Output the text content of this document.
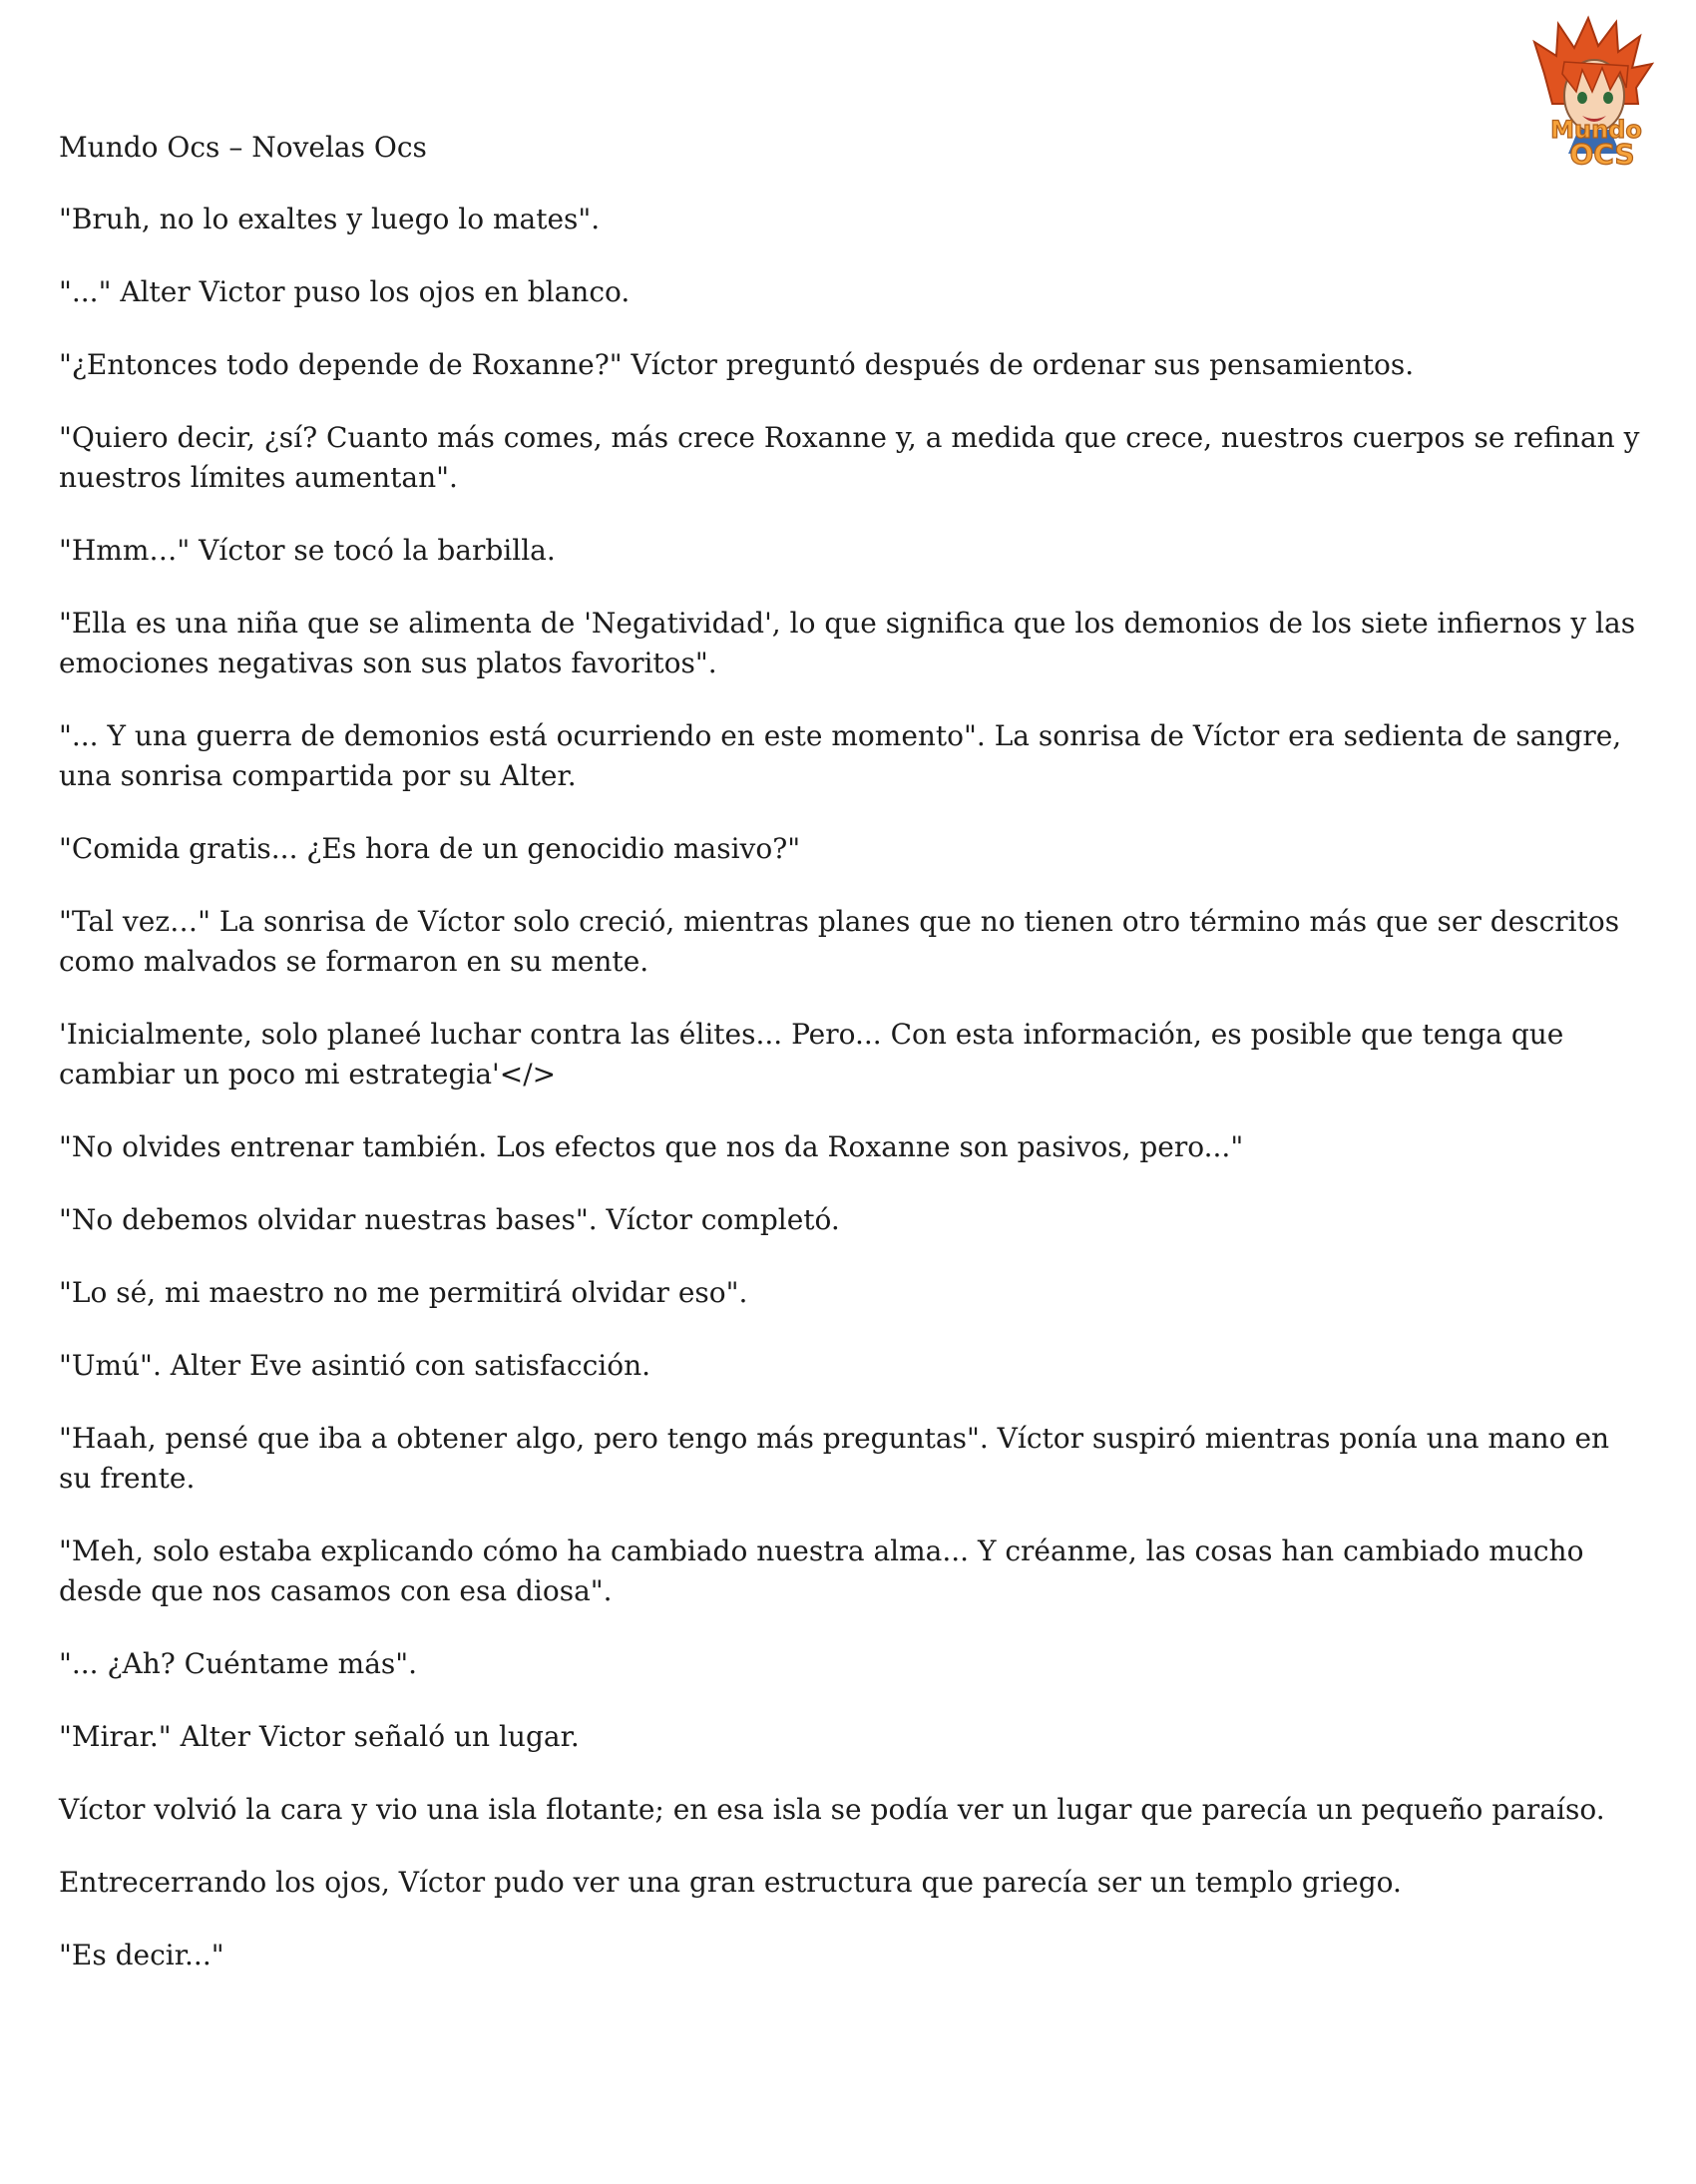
Mundo
OCS

Mundo Ocs – Novelas Ocs

"Bruh, no lo exaltes y luego lo mates".

"..." Alter Victor puso los ojos en blanco.

"¿Entonces todo depende de Roxanne?" Víctor preguntó después de ordenar sus pensamientos.

"Quiero decir, ¿sí? Cuanto más comes, más crece Roxanne y, a medida que crece, nuestros cuerpos se refinan y nuestros límites aumentan".

"Hmm…" Víctor se tocó la barbilla.

"Ella es una niña que se alimenta de 'Negatividad', lo que significa que los demonios de los siete infiernos y las emociones negativas son sus platos favoritos".

"... Y una guerra de demonios está ocurriendo en este momento". La sonrisa de Víctor era sedienta de sangre, una sonrisa compartida por su Alter.

"Comida gratis... ¿Es hora de un genocidio masivo?"

"Tal vez…" La sonrisa de Víctor solo creció, mientras planes que no tienen otro término más que ser descritos como malvados se formaron en su mente.

'Inicialmente, solo planeé luchar contra las élites... Pero... Con esta información, es posible que tenga que cambiar un poco mi estrategia'</>

"No olvides entrenar también. Los efectos que nos da Roxanne son pasivos, pero..."

"No debemos olvidar nuestras bases". Víctor completó.

"Lo sé, mi maestro no me permitirá olvidar eso".

"Umú". Alter Eve asintió con satisfacción.

"Haah, pensé que iba a obtener algo, pero tengo más preguntas". Víctor suspiró mientras ponía una mano en su frente.

"Meh, solo estaba explicando cómo ha cambiado nuestra alma... Y créanme, las cosas han cambiado mucho desde que nos casamos con esa diosa".

"... ¿Ah? Cuéntame más".

"Mirar." Alter Victor señaló un lugar.

Víctor volvió la cara y vio una isla flotante; en esa isla se podía ver un lugar que parecía un pequeño paraíso.

Entrecerrando los ojos, Víctor pudo ver una gran estructura que parecía ser un templo griego.

"Es decir..."
